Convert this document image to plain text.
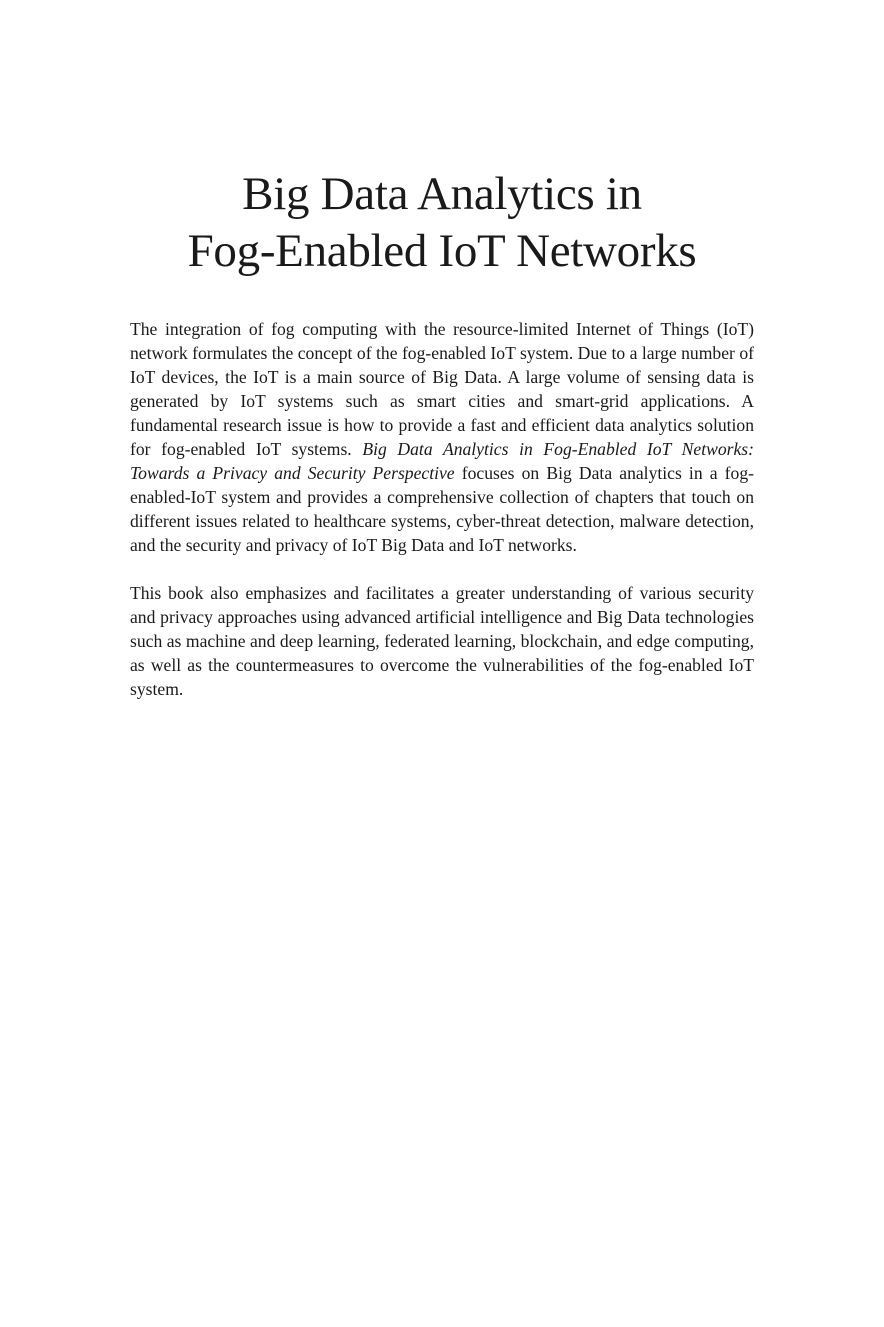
Big Data Analytics in
Fog-Enabled IoT Networks

The integration of fog computing with the resource-limited Internet of Things (IoT) network formulates the concept of the fog-enabled IoT system. Due to a large number of IoT devices, the IoT is a main source of Big Data. A large volume of sensing data is generated by IoT systems such as smart cities and smart-grid applications. A fundamental research issue is how to provide a fast and efficient data analytics solution for fog-enabled IoT systems. Big Data Analytics in Fog-Enabled IoT Networks: Towards a Privacy and Security Perspective focuses on Big Data analytics in a fog-enabled-IoT system and provides a comprehensive collection of chapters that touch on different issues related to healthcare systems, cyber-threat detection, malware detection, and the security and privacy of IoT Big Data and IoT networks.

This book also emphasizes and facilitates a greater understanding of various security and privacy approaches using advanced artificial intelligence and Big Data technologies such as machine and deep learning, federated learning, blockchain, and edge computing, as well as the countermeasures to overcome the vulnerabilities of the fog-enabled IoT system.
